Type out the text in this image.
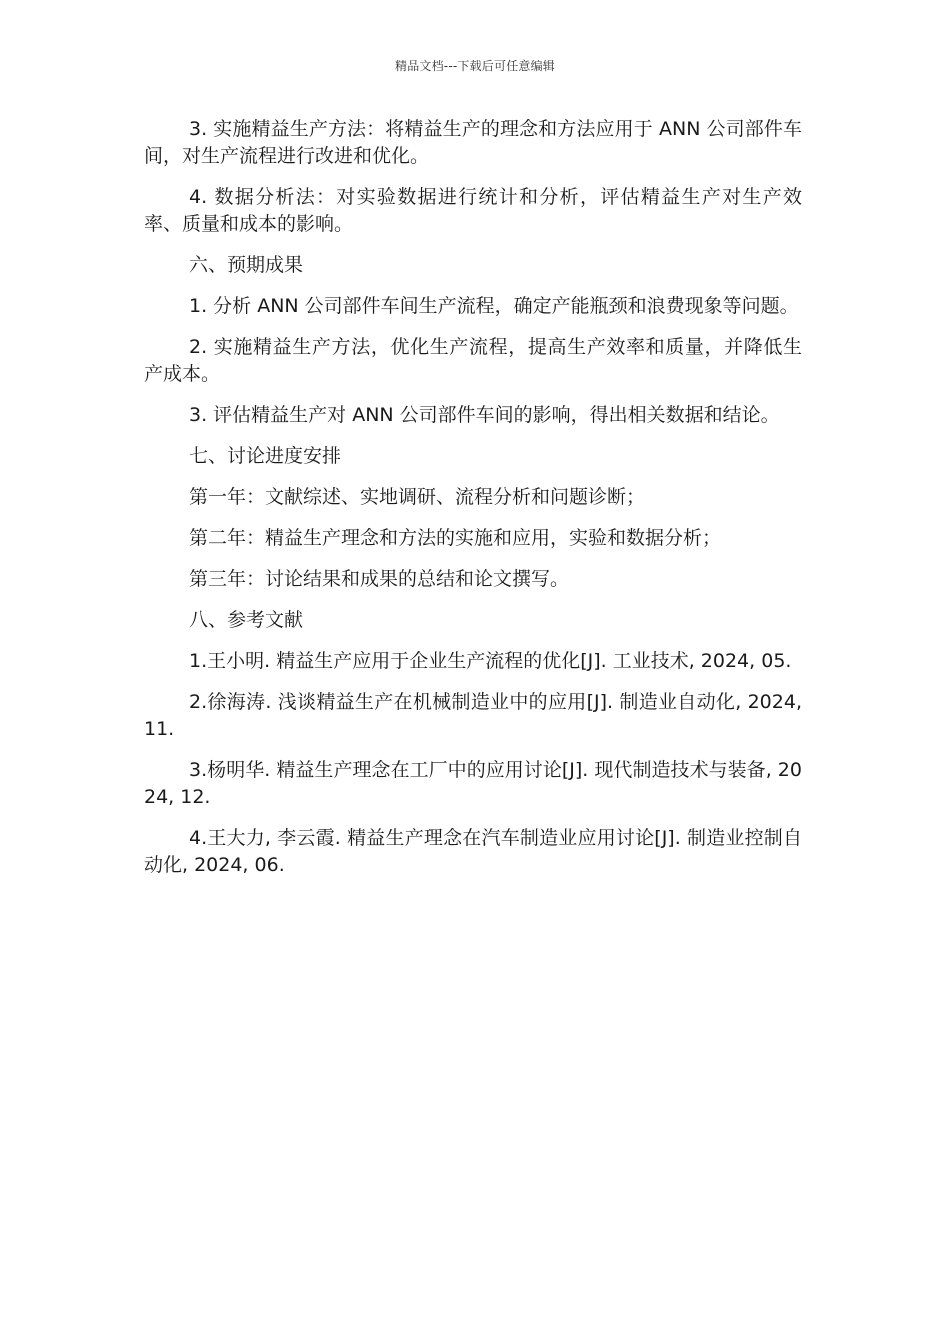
精品文档---下载后可任意编辑

3. 实施精益生产方法：将精益生产的理念和方法应用于 ANN 公司部件车间，对生产流程进行改进和优化。

4. 数据分析法：对实验数据进行统计和分析，评估精益生产对生产效率、质量和成本的影响。

六、预期成果

1. 分析 ANN 公司部件车间生产流程，确定产能瓶颈和浪费现象等问题。

2. 实施精益生产方法，优化生产流程，提高生产效率和质量，并降低生产成本。

3. 评估精益生产对 ANN 公司部件车间的影响，得出相关数据和结论。

七、讨论进度安排

第一年：文献综述、实地调研、流程分析和问题诊断；

第二年：精益生产理念和方法的实施和应用，实验和数据分析；

第三年：讨论结果和成果的总结和论文撰写。

八、参考文献

1.王小明. 精益生产应用于企业生产流程的优化[J]. 工业技术, 2024, 05.

2.徐海涛. 浅谈精益生产在机械制造业中的应用[J]. 制造业自动化, 2024, 11.

3.杨明华. 精益生产理念在工厂中的应用讨论[J]. 现代制造技术与装备, 2024, 12.

4.王大力, 李云霞. 精益生产理念在汽车制造业应用讨论[J]. 制造业控制自动化, 2024, 06.
